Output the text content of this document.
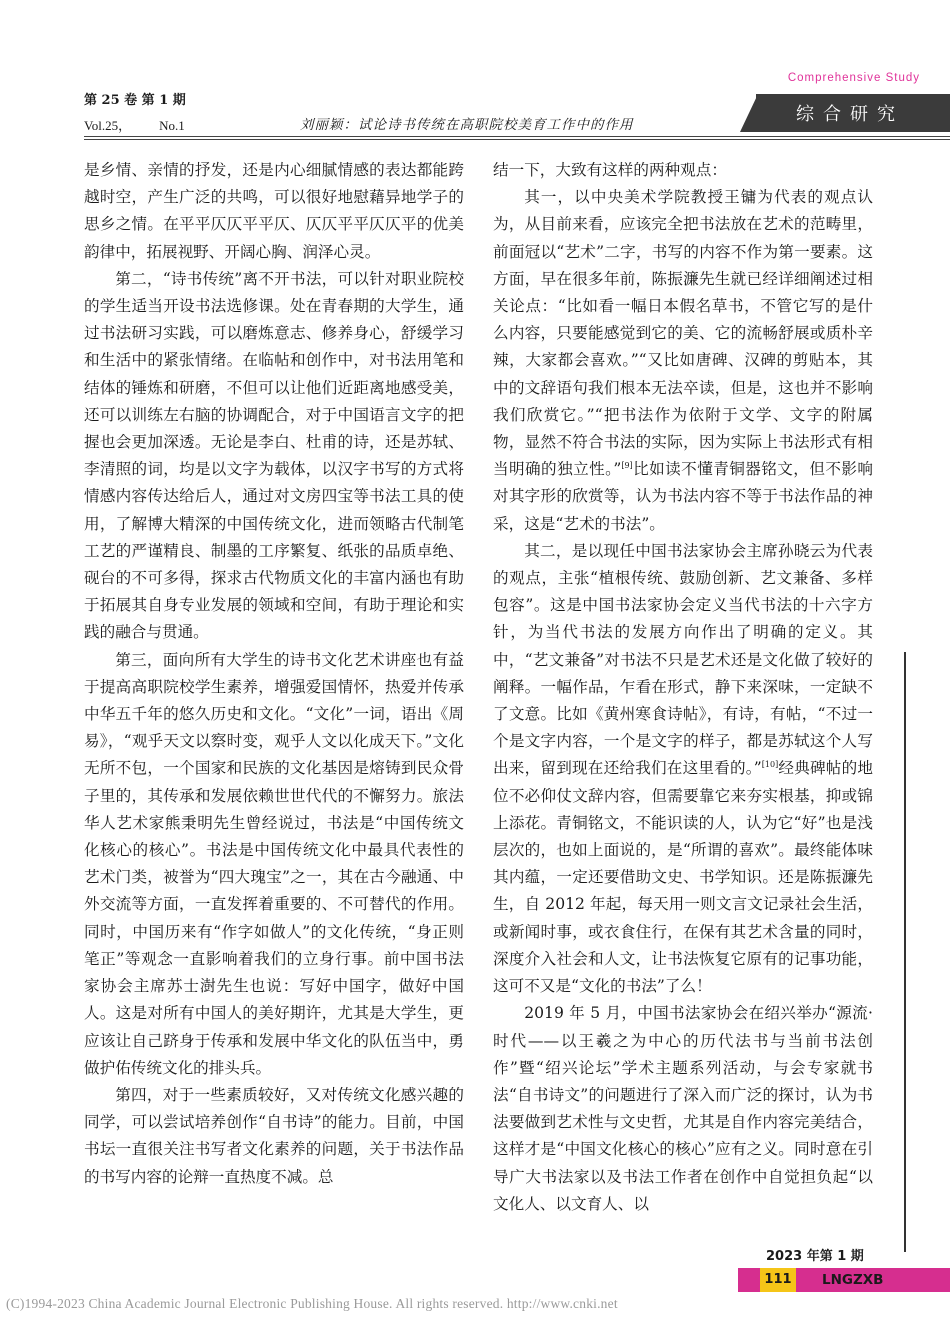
第 25 卷 第 1 期
Vol.25， No.1	刘丽颖：试论诗书传统在高职院校美育工作中的作用
Comprehensive Study
综合研究

是乡情、亲情的抒发，还是内心细腻情感的表达都能跨越时空，产生广泛的共鸣，可以很好地慰藉异地学子的思乡之情。在平平仄仄平平仄、仄仄平平仄仄平的优美韵律中，拓展视野、开阔心胸、润泽心灵。

第二，“诗书传统”离不开书法，可以针对职业院校的学生适当开设书法选修课。处在青春期的大学生，通过书法研习实践，可以磨炼意志、修养身心，舒缓学习和生活中的紧张情绪。在临帖和创作中，对书法用笔和结体的锤炼和研磨，不但可以让他们近距离地感受美，还可以训练左右脑的协调配合，对于中国语言文字的把握也会更加深透。无论是李白、杜甫的诗，还是苏轼、李清照的词，均是以文字为载体，以汉字书写的方式将情感内容传达给后人，通过对文房四宝等书法工具的使用，了解博大精深的中国传统文化，进而领略古代制笔工艺的严谨精良、制墨的工序繁复、纸张的品质卓绝、砚台的不可多得，探求古代物质文化的丰富内涵也有助于拓展其自身专业发展的领域和空间，有助于理论和实践的融合与贯通。

第三，面向所有大学生的诗书文化艺术讲座也有益于提高高职院校学生素养，增强爱国情怀，热爱并传承中华五千年的悠久历史和文化。“文化”一词，语出《周易》，“观乎天文以察时变，观乎人文以化成天下。”文化无所不包，一个国家和民族的文化基因是熔铸到民众骨子里的，其传承和发展依赖世世代代的不懈努力。旅法华人艺术家熊秉明先生曾经说过，书法是“中国传统文化核心的核心”。书法是中国传统文化中最具代表性的艺术门类，被誉为“四大瑰宝”之一，其在古今融通、中外交流等方面，一直发挥着重要的、不可替代的作用。同时，中国历来有“作字如做人”的文化传统，“身正则笔正”等观念一直影响着我们的立身行事。前中国书法家协会主席苏士澍先生也说：写好中国字，做好中国人。这是对所有中国人的美好期许，尤其是大学生，更应该让自己跻身于传承和发展中华文化的队伍当中，勇做护佑传统文化的排头兵。

第四，对于一些素质较好，又对传统文化感兴趣的同学，可以尝试培养创作“自书诗”的能力。目前，中国书坛一直很关注书写者文化素养的问题，关于书法作品的书写内容的论辩一直热度不减。总

结一下，大致有这样的两种观点：

其一，以中央美术学院教授王镛为代表的观点认为，从目前来看，应该完全把书法放在艺术的范畴里，前面冠以“艺术”二字，书写的内容不作为第一要素。这方面，早在很多年前，陈振濂先生就已经详细阐述过相关论点：“比如看一幅日本假名草书，不管它写的是什么内容，只要能感觉到它的美、它的流畅舒展或质朴辛辣，大家都会喜欢。”“又比如唐碑、汉碑的剪贴本，其中的文辞语句我们根本无法卒读，但是，这也并不影响我们欣赏它。”“把书法作为依附于文学、文字的附属物，显然不符合书法的实际，因为实际上书法形式有相当明确的独立性。”[9]比如读不懂青铜器铭文，但不影响对其字形的欣赏等，认为书法内容不等于书法作品的神采，这是“艺术的书法”。

其二，是以现任中国书法家协会主席孙晓云为代表的观点，主张“植根传统、鼓励创新、艺文兼备、多样包容”。这是中国书法家协会定义当代书法的十六字方针，为当代书法的发展方向作出了明确的定义。其中，“艺文兼备”对书法不只是艺术还是文化做了较好的阐释。一幅作品，乍看在形式，静下来深味，一定缺不了文意。比如《黄州寒食诗帖》，有诗，有帖，“不过一个是文字内容，一个是文字的样子，都是苏轼这个人写出来，留到现在还给我们在这里看的。”[10]经典碑帖的地位不必仰仗文辞内容，但需要靠它来夯实根基，抑或锦上添花。青铜铭文，不能识读的人，认为它“好”也是浅层次的，也如上面说的，是“所谓的喜欢”。最终能体味其内蕴，一定还要借助文史、书学知识。还是陈振濂先生，自 2012 年起，每天用一则文言文记录社会生活，或新闻时事，或衣食住行，在保有其艺术含量的同时，深度介入社会和人文，让书法恢复它原有的记事功能，这可不又是“文化的书法”了么！

2019 年 5 月，中国书法家协会在绍兴举办“源流·时代——以王羲之为中心的历代法书与当前书法创作”暨“绍兴论坛”学术主题系列活动，与会专家就书法“自书诗文”的问题进行了深入而广泛的探讨，认为书法要做到艺术性与文史哲，尤其是自作内容完美结合，这样才是“中国文化核心的核心”应有之义。同时意在引导广大书法家以及书法工作者在创作中自觉担负起“以文化人、以文育人、以

2023 年第 1 期
111	LNGZXB
(C)1994-2023 China Academic Journal Electronic Publishing House. All rights reserved. http://www.cnki.net
